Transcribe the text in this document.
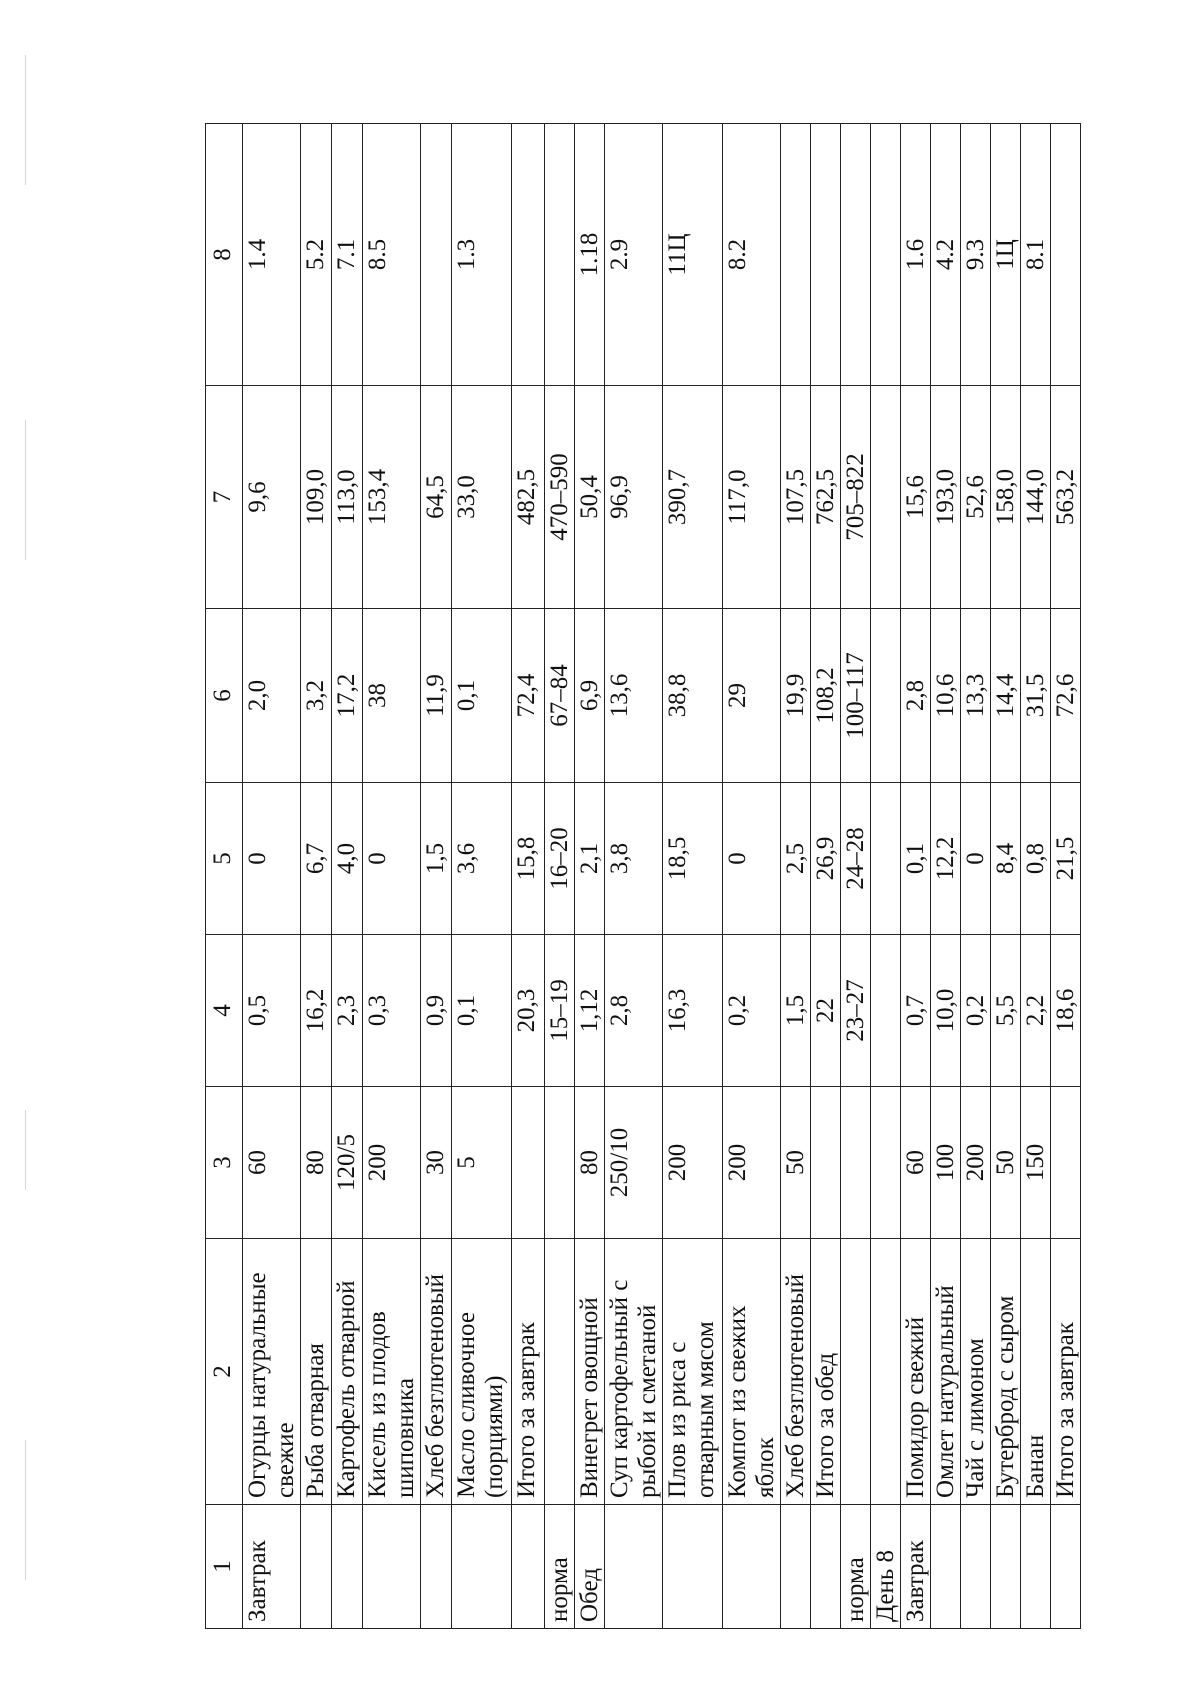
1	2	3	4	5	6	7	8
Завтрак	Огурцы натуральные свежие	60	0,5	0	2,0	9,6	1.4
	Рыба отварная	80	16,2	6,7	3,2	109,0	5.2
	Картофель отварной	120/5	2,3	4,0	17,2	113,0	7.1
	Кисель из плодов шиповника	200	0,3	0	38	153,4	8.5
	Хлеб безглютеновый	30	0,9	1,5	11,9	64,5	
	Масло сливочное (порциями)	5	0,1	3,6	0,1	33,0	1.3
	Итого за завтрак		20,3	15,8	72,4	482,5	
норма			15–19	16–20	67–84	470–590	
Обед	Винегрет овощной	80	1,12	2,1	6,9	50,4	1.18
	Суп картофельный с рыбой и сметаной	250/10	2,8	3,8	13,6	96,9	2.9
	Плов из риса с отварным мясом	200	16,3	18,5	38,8	390,7	11Ц
	Компот из свежих яблок	200	0,2	0	29	117,0	8.2
	Хлеб безглютеновый	50	1,5	2,5	19,9	107,5	
	Итого за обед		22	26,9	108,2	762,5	
норма			23–27	24–28	100–117	705–822	
День 8							
Завтрак	Помидор свежий	60	0,7	0,1	2,8	15,6	1.6
	Омлет натуральный	100	10,0	12,2	10,6	193,0	4.2
	Чай с лимоном	200	0,2	0	13,3	52,6	9.3
	Бутерброд с сыром	50	5,5	8,4	14,4	158,0	1Ц
	Банан	150	2,2	0,8	31,5	144,0	8.1
	Итого за завтрак		18,6	21,5	72,6	563,2	
